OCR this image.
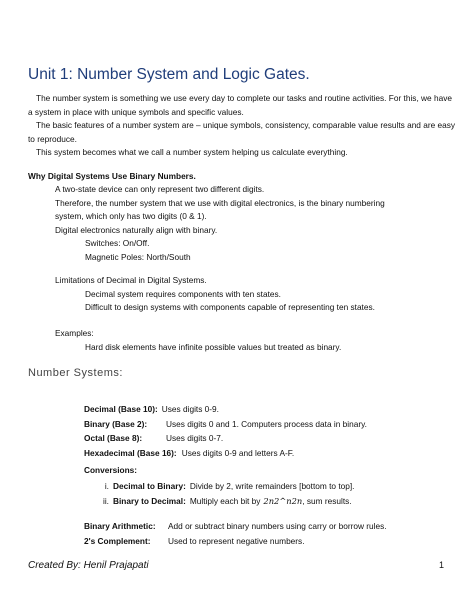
Unit 1: Number System and Logic Gates.

The number system is something we use every day to complete our tasks and routine activities. For this, we have a system in place with unique symbols and specific values.

The basic features of a number system are – unique symbols, consistency, comparable value results and are easy to reproduce.

This system becomes what we call a number system helping us calculate everything.

Why Digital Systems Use Binary Numbers.

A two-state device can only represent two different digits.

Therefore, the number system that we use with digital electronics, is the binary numbering

system, which only has two digits (0 & 1).

Digital electronics naturally align with binary.

Switches: On/Off.

Magnetic Poles: North/South

Limitations of Decimal in Digital Systems.

Decimal system requires components with ten states.

Difficult to design systems with components capable of representing ten states.

Examples:

Hard disk elements have infinite possible values but treated as binary.

Number Systems:
Decimal (Base 10): Uses digits 0-9.
Binary (Base 2):	Uses digits 0 and 1. Computers process data in binary.
Octal (Base 8):	Uses digits 0-7.
Hexadecimal (Base 16): Uses digits 0-9 and letters A-F.
Conversions:
i. Decimal to Binary: Divide by 2, write remainders [bottom to top].
ii. Binary to Decimal: Multiply each bit by 2n2^n2n , sum results.
Binary Arithmetic:	Add or subtract binary numbers using carry or borrow rules.
2's Complement:	Used to represent negative numbers.
Created By: Henil Prajapati	1
